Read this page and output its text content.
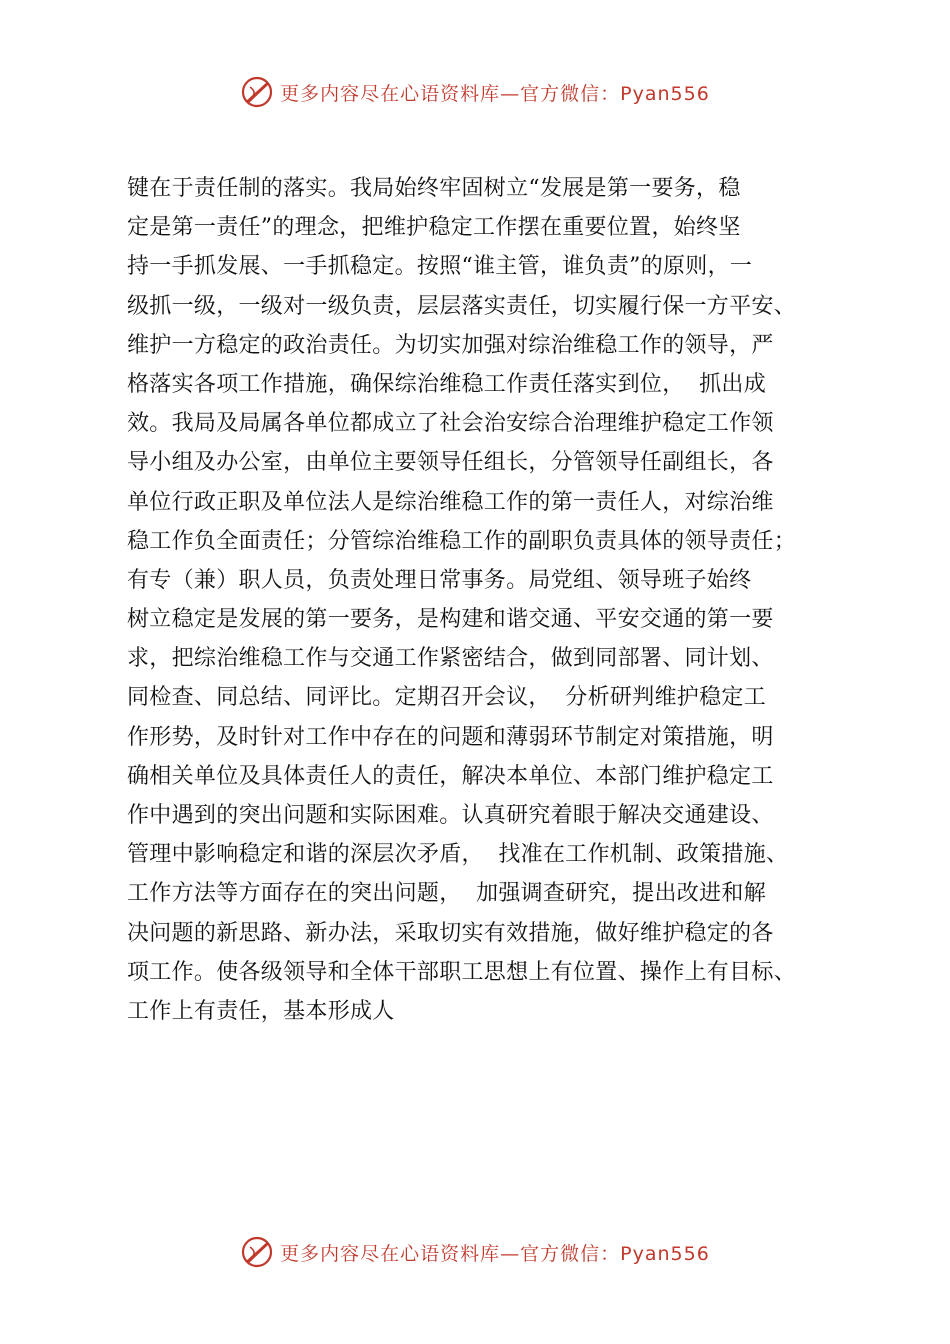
更多内容尽在心语资料库—官方微信：Pyan556
键在于责任制的落实。我局始终牢固树立“发展是第一要务，稳
定是第一责任”的理念，把维护稳定工作摆在重要位置，始终坚
持一手抓发展、一手抓稳定。按照“谁主管，谁负责”的原则，一
级抓一级，一级对一级负责，层层落实责任，切实履行保一方平安、
维护一方稳定的政治责任。为切实加强对综治维稳工作的领导，严
格落实各项工作措施，确保综治维稳工作责任落实到位，  抓出成
效。我局及局属各单位都成立了社会治安综合治理维护稳定工作领
导小组及办公室，由单位主要领导任组长，分管领导任副组长，各
单位行政正职及单位法人是综治维稳工作的第一责任人，对综治维
稳工作负全面责任；分管综治维稳工作的副职负责具体的领导责任；
有专（兼）职人员，负责处理日常事务。局党组、领导班子始终
树立稳定是发展的第一要务，是构建和谐交通、平安交通的第一要
求，把综治维稳工作与交通工作紧密结合，做到同部署、同计划、
同检查、同总结、同评比。定期召开会议，  分析研判维护稳定工
作形势，及时针对工作中存在的问题和薄弱环节制定对策措施，明
确相关单位及具体责任人的责任，解决本单位、本部门维护稳定工
作中遇到的突出问题和实际困难。认真研究着眼于解决交通建设、
管理中影响稳定和谐的深层次矛盾，  找准在工作机制、政策措施、
工作方法等方面存在的突出问题，  加强调查研究，提出改进和解
决问题的新思路、新办法，采取切实有效措施，做好维护稳定的各
项工作。使各级领导和全体干部职工思想上有位置、操作上有目标、
工作上有责任，基本形成人
更多内容尽在心语资料库—官方微信：Pyan556
